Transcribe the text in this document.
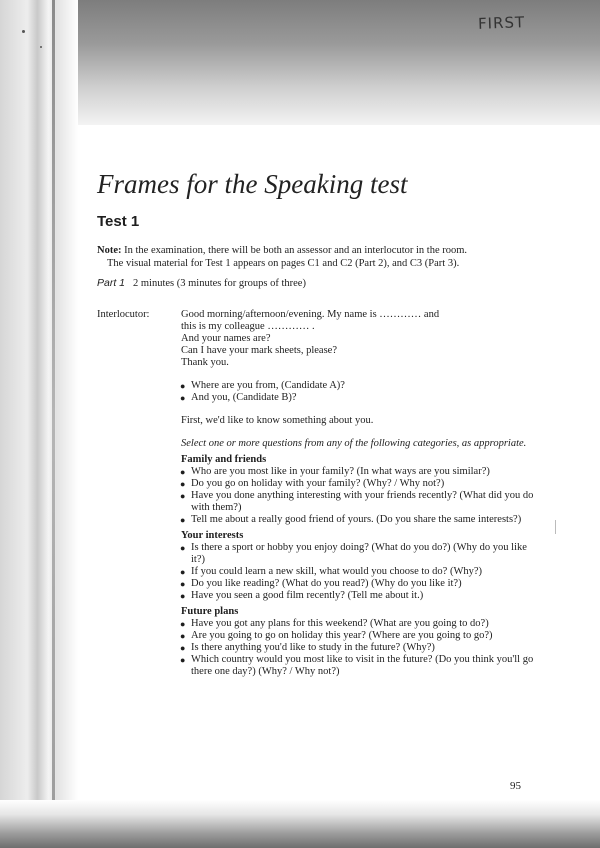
FIRST
Frames for the Speaking test
Test 1
Note: In the examination, there will be both an assessor and an interlocutor in the room.
The visual material for Test 1 appears on pages C1 and C2 (Part 2), and C3 (Part 3).
Part 1 2 minutes (3 minutes for groups of three)
Interlocutor:	Good morning/afternoon/evening. My name is ………… and

this is my colleague ………… .

And your names are?

Can I have your mark sheets, please?

Thank you.

● Where are you from, (Candidate A)?
● And you, (Candidate B)?

First, we'd like to know something about you.

Select one or more questions from any of the following categories, as appropriate.

Family and friends

● Who are you most like in your family? (In what ways are you similar?)
● Do you go on holiday with your family? (Why? / Why not?)
● Have you done anything interesting with your friends recently? (What did you do with them?)
● Tell me about a really good friend of yours. (Do you share the same interests?)

Your interests

● Is there a sport or hobby you enjoy doing? (What do you do?) (Why do you like it?)
● If you could learn a new skill, what would you choose to do? (Why?)
● Do you like reading? (What do you read?) (Why do you like it?)
● Have you seen a good film recently? (Tell me about it.)

Future plans

● Have you got any plans for this weekend? (What are you going to do?)
● Are you going to go on holiday this year? (Where are you going to go?)
● Is there anything you'd like to study in the future? (Why?)
● Which country would you most like to visit in the future? (Do you think you'll go there one day?) (Why? / Why not?)
95
